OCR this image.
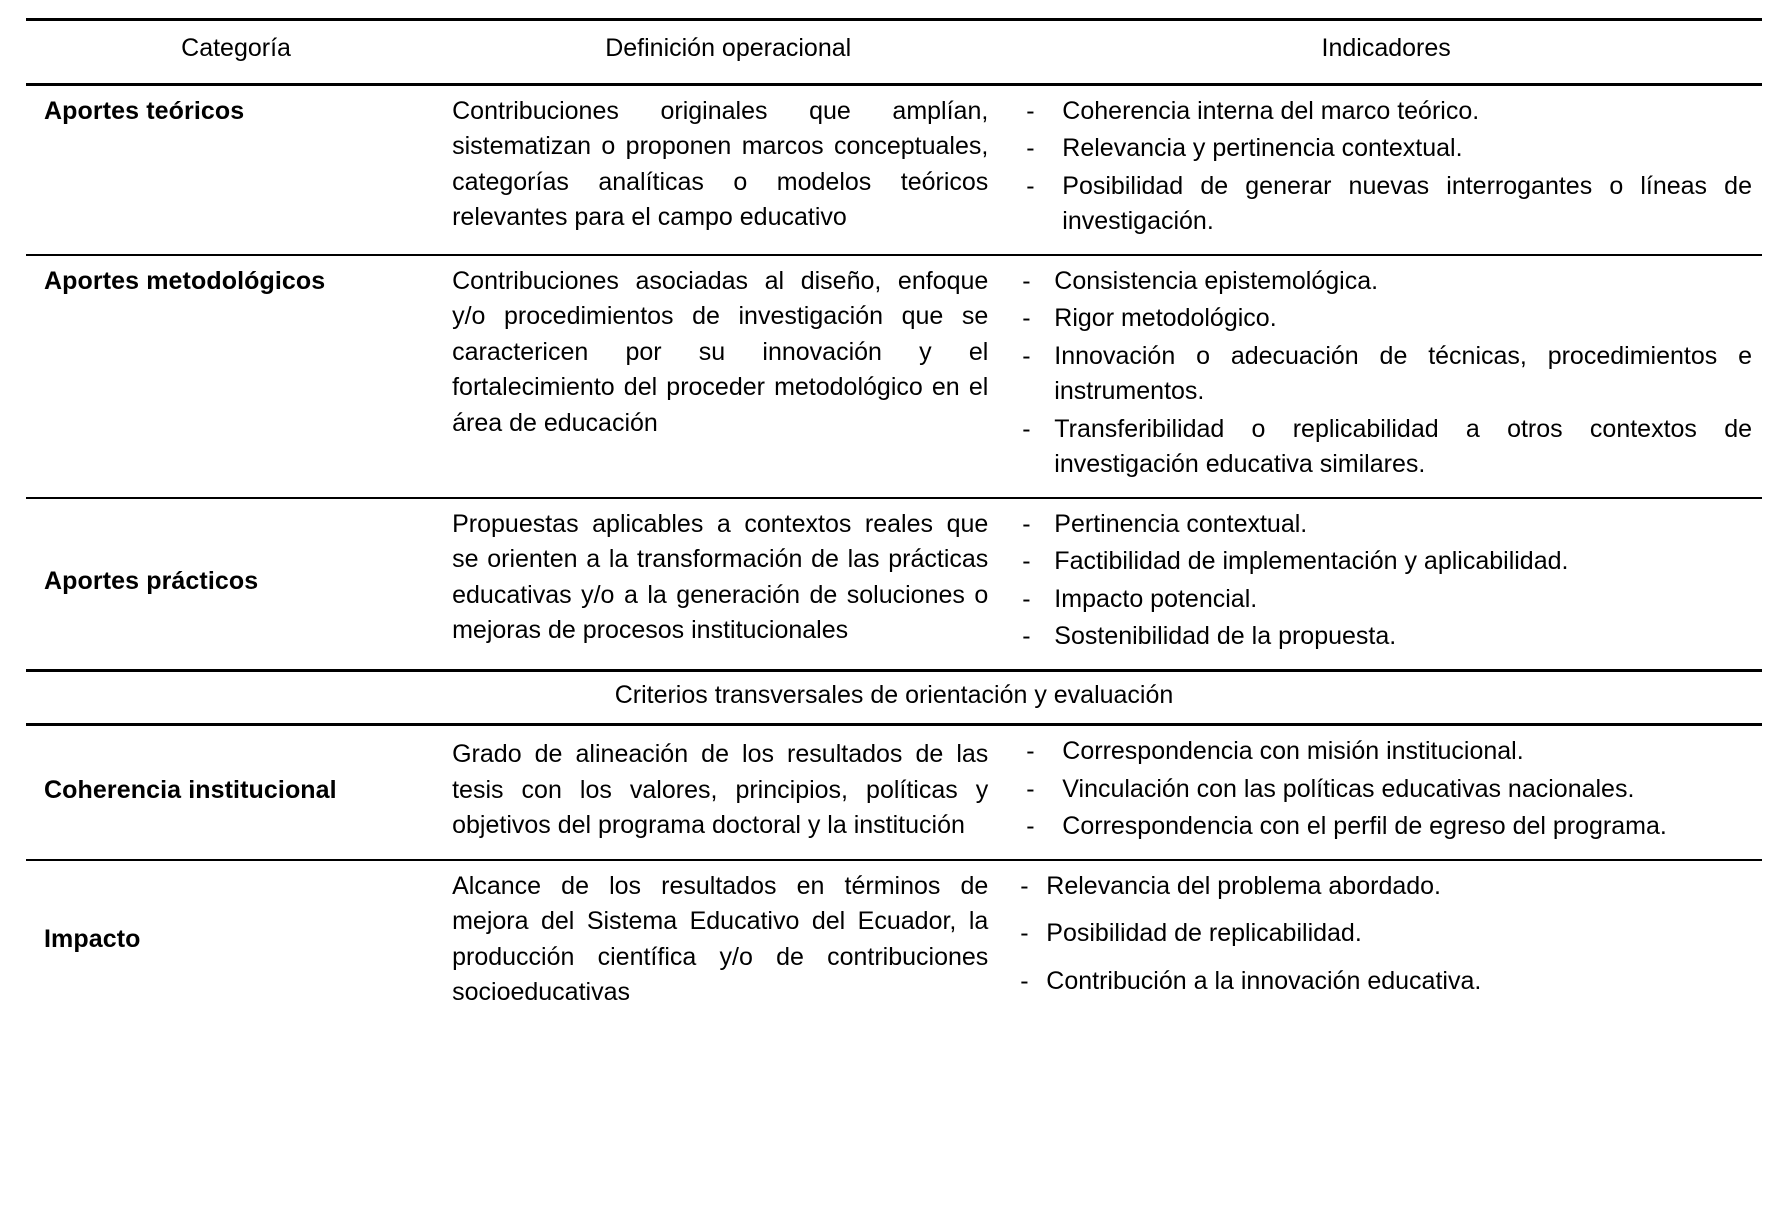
Categoría	Definición operacional	Indicadores
Aportes teóricos	Contribuciones originales que amplían, sistematizan o proponen marcos conceptuales, categorías analíticas o modelos teóricos relevantes para el campo educativo	
- Coherencia interna del marco teórico.
- Relevancia y pertinencia contextual.
- Posibilidad de generar nuevas interrogantes o líneas de investigación.

Aportes metodológicos	Contribuciones asociadas al diseño, enfoque y/o procedimientos de investigación que se caractericen por su innovación y el fortalecimiento del proceder metodológico en el área de educación	
- Consistencia epistemológica.
- Rigor metodológico.
- Innovación o adecuación de técnicas, procedimientos e instrumentos.
- Transferibilidad o replicabilidad a otros contextos de investigación educativa similares.

Aportes prácticos	Propuestas aplicables a contextos reales que se orienten a la transformación de las prácticas educativas y/o a la generación de soluciones o mejoras de procesos institucionales	
- Pertinencia contextual.
- Factibilidad de implementación y aplicabilidad.
- Impacto potencial.
- Sostenibilidad de la propuesta.

Criterios transversales de orientación y evaluación		
Coherencia institucional	Grado de alineación de los resultados de las tesis con los valores, principios, políticas y objetivos del programa doctoral y la institución	
- Correspondencia con misión institucional.
- Vinculación con las políticas educativas nacionales.
- Correspondencia con el perfil de egreso del programa.

Impacto	Alcance de los resultados en términos de mejora del Sistema Educativo del Ecuador, la producción científica y/o de contribuciones socioeducativas	
- Relevancia del problema abordado.
- Posibilidad de replicabilidad.
- Contribución a la innovación educativa.
